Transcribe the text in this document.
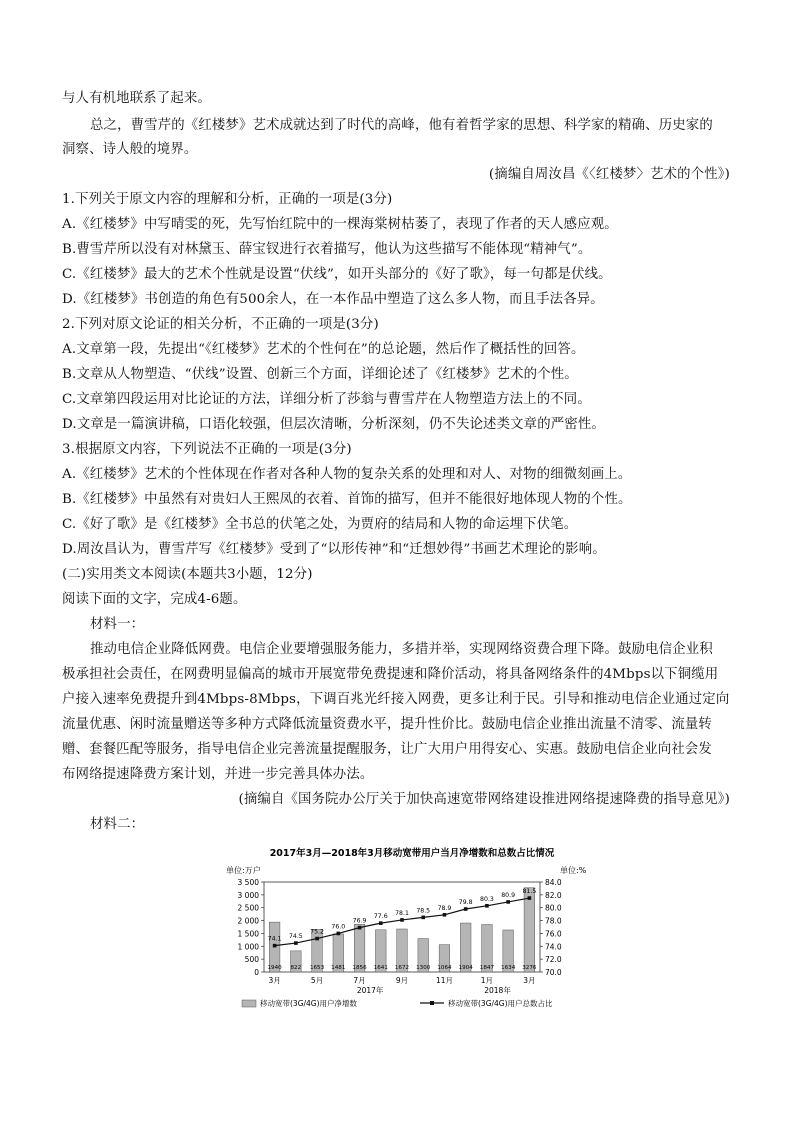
与人有机地联系了起来。
总之，曹雪芹的《红楼梦》艺术成就达到了时代的高峰，他有着哲学家的思想、科学家的精确、历史家的
洞察、诗人般的境界。
(摘编自周汝昌《〈红楼梦〉艺术的个性》)
1.下列关于原文内容的理解和分析，正确的一项是(3分)
A.《红楼梦》中写晴雯的死，先写怡红院中的一棵海棠树枯萎了，表现了作者的天人感应观。
B.曹雪芹所以没有对林黛玉、薛宝钗进行衣着描写，他认为这些描写不能体现“精神气”。
C.《红楼梦》最大的艺术个性就是设置“伏线”，如开头部分的《好了歌》，每一句都是伏线。
D.《红楼梦》书创造的角色有500余人，在一本作品中塑造了这么多人物，而且手法各异。
2.下列对原文论证的相关分析，不正确的一项是(3分)
A.文章第一段，先提出“《红楼梦》艺术的个性何在”的总论题，然后作了概括性的回答。
B.文章从人物塑造、“伏线”设置、创新三个方面，详细论述了《红楼梦》艺术的个性。
C.文章第四段运用对比论证的方法，详细分析了莎翁与曹雪芹在人物塑造方法上的不同。
D.文章是一篇演讲稿，口语化较强，但层次清晰，分析深刻，仍不失论述类文章的严密性。
3.根据原文内容，下列说法不正确的一项是(3分)
A.《红楼梦》艺术的个性体现在作者对各种人物的复杂关系的处理和对人、对物的细微刻画上。
B.《红楼梦》中虽然有对贵妇人王熙凤的衣着、首饰的描写，但并不能很好地体现人物的个性。
C.《好了歌》是《红楼梦》全书总的伏笔之处，为贾府的结局和人物的命运埋下伏笔。
D.周汝昌认为，曹雪芹写《红楼梦》受到了“以形传神”和“迁想妙得”书画艺术理论的影响。
(二)实用类文本阅读(本题共3小题，12分)
阅读下面的文字，完成4-6题。
材料一：
推动电信企业降低网费。电信企业要增强服务能力，多措并举，实现网络资费合理下降。鼓励电信企业积
极承担社会责任，在网费明显偏高的城市开展宽带免费提速和降价活动，将具备网络条件的4Mbps以下铜缆用
户接入速率免费提升到4Mbps-8Mbps，下调百兆光纤接入网费，更多让利于民。引导和推动电信企业通过定向
流量优惠、闲时流量赠送等多种方式降低流量资费水平，提升性价比。鼓励电信企业推出流量不清零、流量转
赠、套餐匹配等服务，指导电信企业完善流量提醒服务，让广大用户用得安心、实惠。鼓励电信企业向社会发
布网络提速降费方案计划，并进一步完善具体办法。
(摘编自《国务院办公厅关于加快高速宽带网络建设推进网络提速降费的指导意见》)
材料二：
2017年3月—2018年3月移动宽带用户当月净增数和总数占比情况
单位:万户	单位:%
3 500
3 000
2 500
2 000
1 500
1 000
500
0
84.0
82.0
80.0
78.0
76.0
74.0
72.0
70.0
1940 822 1653 1481 1856 1641 1672 1300 1064 1904 1847 1634 3276
74.1 74.5
75.2
76.0
76.9
77.6 78.1 78.5 78.9
79.8 80.3
80.9
81.5
3月	5月	7月	9月	11月	1月	3月
2017年	2018年
移动宽带(3G/4G)用户净增数	移动宽带(3G/4G)用户总数占比
